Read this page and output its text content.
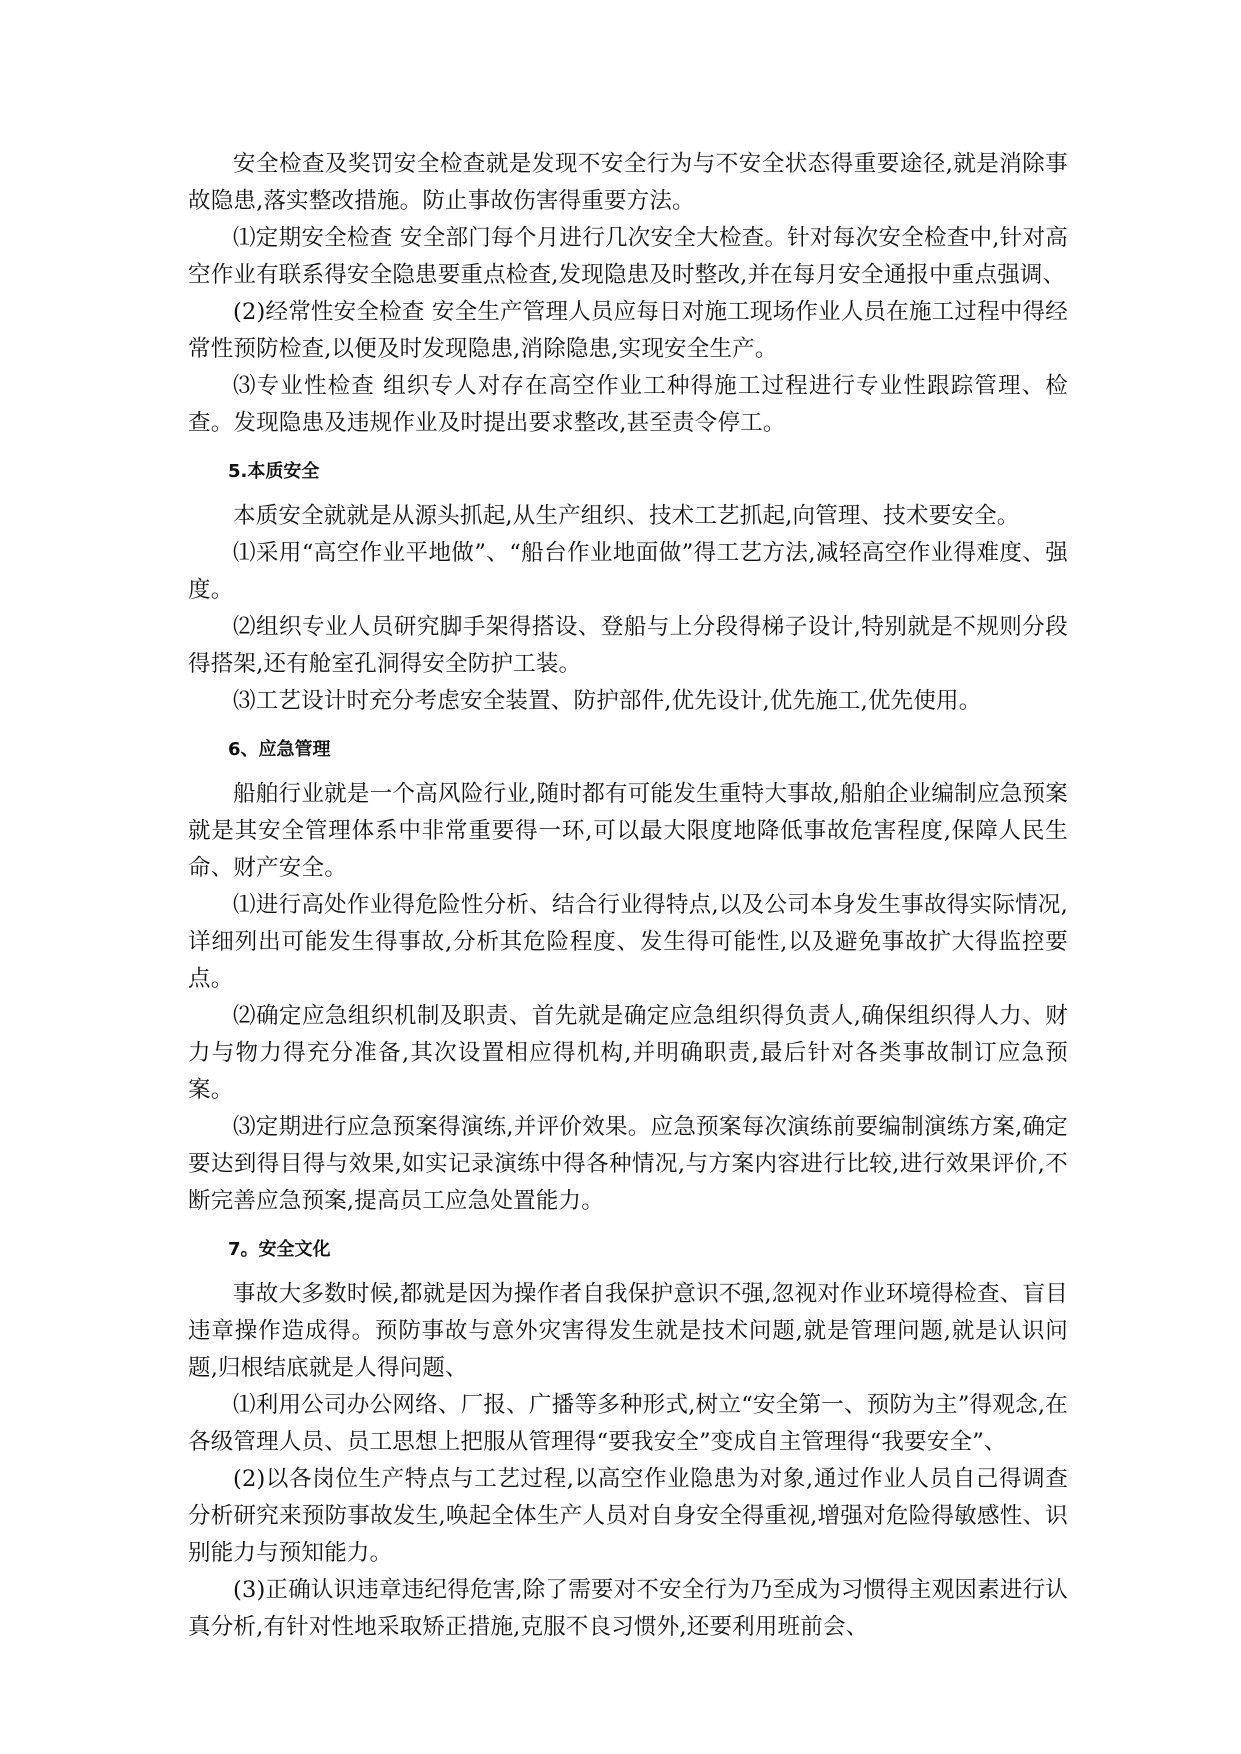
安全检查及奖罚安全检查就是发现不安全行为与不安全状态得重要途径,就是消除事故隐患,落实整改措施。防止事故伤害得重要方法。

⑴定期安全检查 安全部门每个月进行几次安全大检查。针对每次安全检查中,针对高空作业有联系得安全隐患要重点检查,发现隐患及时整改,并在每月安全通报中重点强调、

(2)经常性安全检查 安全生产管理人员应每日对施工现场作业人员在施工过程中得经常性预防检查,以便及时发现隐患,消除隐患,实现安全生产。

⑶专业性检查 组织专人对存在高空作业工种得施工过程进行专业性跟踪管理、检查。发现隐患及违规作业及时提出要求整改,甚至责令停工。

5.本质安全

本质安全就就是从源头抓起,从生产组织、技术工艺抓起,向管理、技术要安全。

⑴采用“高空作业平地做”、“船台作业地面做”得工艺方法,减轻高空作业得难度、强度。

⑵组织专业人员研究脚手架得搭设、登船与上分段得梯子设计,特别就是不规则分段得搭架,还有舱室孔洞得安全防护工装。

⑶工艺设计时充分考虑安全装置、防护部件,优先设计,优先施工,优先使用。

6、应急管理

船舶行业就是一个高风险行业,随时都有可能发生重特大事故,船舶企业编制应急预案就是其安全管理体系中非常重要得一环,可以最大限度地降低事故危害程度,保障人民生命、财产安全。

⑴进行高处作业得危险性分析、结合行业得特点,以及公司本身发生事故得实际情况,详细列出可能发生得事故,分析其危险程度、发生得可能性,以及避免事故扩大得监控要点。

⑵确定应急组织机制及职责、首先就是确定应急组织得负责人,确保组织得人力、财力与物力得充分准备,其次设置相应得机构,并明确职责,最后针对各类事故制订应急预案。

⑶定期进行应急预案得演练,并评价效果。应急预案每次演练前要编制演练方案,确定要达到得目得与效果,如实记录演练中得各种情况,与方案内容进行比较,进行效果评价,不断完善应急预案,提高员工应急处置能力。

7。安全文化

事故大多数时候,都就是因为操作者自我保护意识不强,忽视对作业环境得检查、盲目违章操作造成得。预防事故与意外灾害得发生就是技术问题,就是管理问题,就是认识问题,归根结底就是人得问题、

⑴利用公司办公网络、厂报、广播等多种形式,树立“安全第一、预防为主”得观念,在各级管理人员、员工思想上把服从管理得“要我安全”变成自主管理得“我要安全”、

(2)以各岗位生产特点与工艺过程,以高空作业隐患为对象,通过作业人员自己得调查分析研究来预防事故发生,唤起全体生产人员对自身安全得重视,增强对危险得敏感性、识别能力与预知能力。

(3)正确认识违章违纪得危害,除了需要对不安全行为乃至成为习惯得主观因素进行认真分析,有针对性地采取矫正措施,克服不良习惯外,还要利用班前会、
